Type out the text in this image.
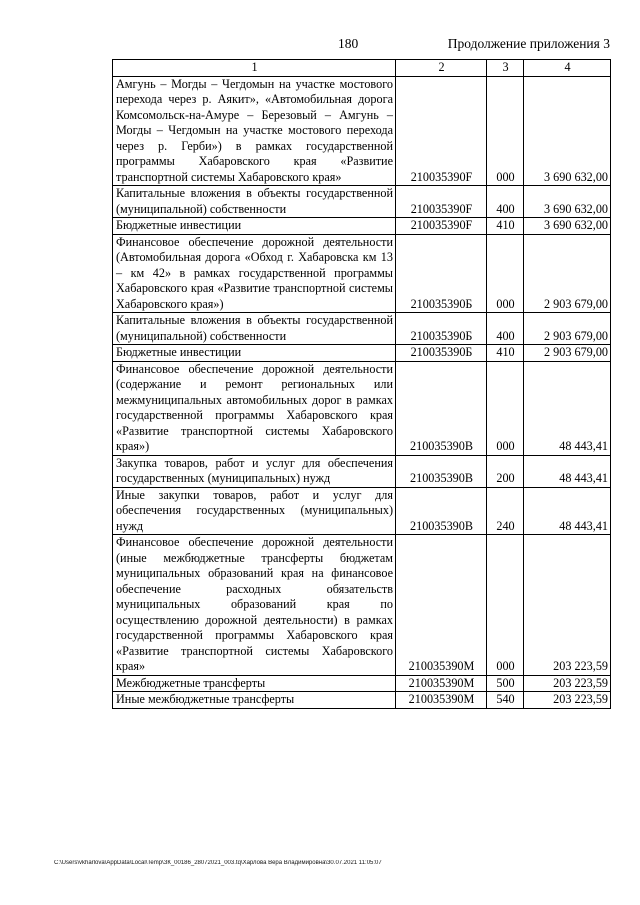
180	Продолжение приложения 3
1	2	3	4
Амгунь – Могды – Чегдомын на участке мостового перехода через р. Аякит», «Автомобильная дорога Комсомольск-на-Амуре – Березовый – Амгунь – Могды – Чегдомын на участке мостового перехода через р. Герби») в рамках государственной программы Хабаровского края «Развитие транспортной системы Хабаровского края»	210035390F	000	3 690 632,00
Капитальные вложения в объекты государственной (муниципальной) собственности	210035390F	400	3 690 632,00
Бюджетные инвестиции	210035390F	410	3 690 632,00
Финансовое обеспечение дорожной деятельности (Автомобильная дорога «Обход г. Хабаровска км 13 – км 42» в рамках государственной программы Хабаровского края «Развитие транспортной системы Хабаровского края»)	210035390Б	000	2 903 679,00
Капитальные вложения в объекты государственной (муниципальной) собственности	210035390Б	400	2 903 679,00
Бюджетные инвестиции	210035390Б	410	2 903 679,00
Финансовое обеспечение дорожной деятельности (содержание и ремонт региональных или межмуниципальных автомобильных дорог в рамках государственной программы Хабаровского края «Развитие транспортной системы Хабаровского края»)	210035390В	000	48 443,41
Закупка товаров, работ и услуг для обеспечения государственных (муниципальных) нужд	210035390В	200	48 443,41
Иные закупки товаров, работ и услуг для обеспечения государственных (муниципальных) нужд	210035390В	240	48 443,41
Финансовое обеспечение дорожной деятельности (иные межбюджетные трансферты бюджетам муниципальных образований края на финансовое обеспечение расходных обязательств муниципальных образований края по осуществлению дорожной деятельности) в рамках государственной программы Хабаровского края «Развитие транспортной системы Хабаровского края»	210035390М	000	203 223,59
Межбюджетные трансферты	210035390М	500	203 223,59
Иные межбюджетные трансферты	210035390М	540	203 223,59
C:\Users\vkharlova\AppData\Local\Temp\ЗК_00186_28072021_003.tq\Харлова Вера Владимировна\30.07.2021 11:05:07
